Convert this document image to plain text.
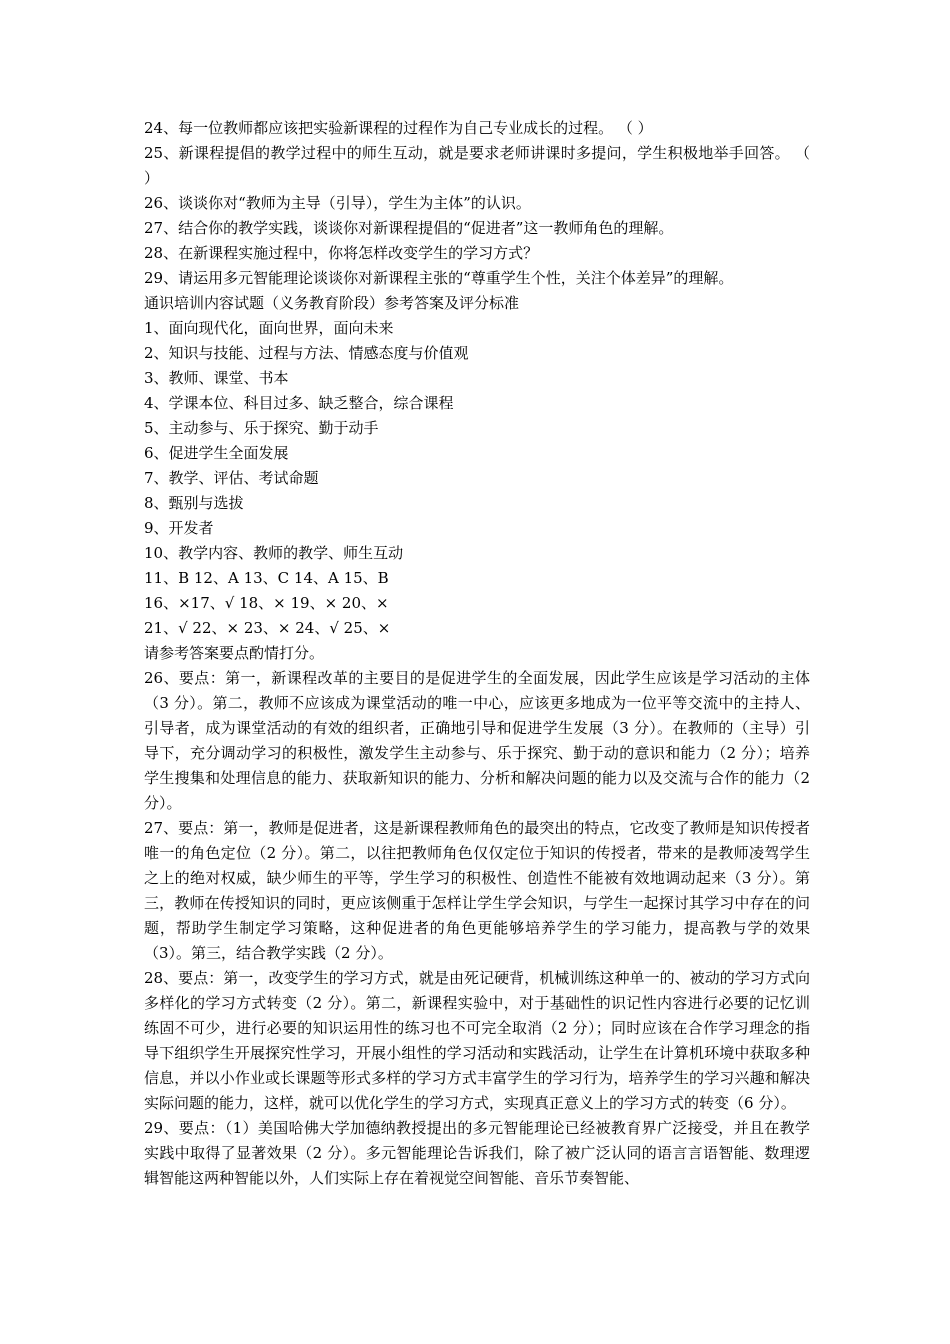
24、每一位教师都应该把实验新课程的过程作为自己专业成长的过程。 （ ）

25、新课程提倡的教学过程中的师生互动，就是要求老师讲课时多提问，学生积极地举手回答。 （ ）

26、谈谈你对“教师为主导（引导），学生为主体”的认识。
27、结合你的教学实践，谈谈你对新课程提倡的“促进者”这一教师角色的理解。
28、在新课程实施过程中，你将怎样改变学生的学习方式？
29、请运用多元智能理论谈谈你对新课程主张的“尊重学生个性，关注个体差异”的理解。
通识培训内容试题（义务教育阶段）参考答案及评分标准
1、面向现代化，面向世界，面向未来
2、知识与技能、过程与方法、情感态度与价值观
3、教师、课堂、书本
4、学课本位、科目过多、缺乏整合，综合课程
5、主动参与、乐于探究、勤于动手
6、促进学生全面发展
7、教学、评估、考试命题
8、甄别与选拔
9、开发者
10、教学内容、教师的教学、师生互动
11、B 12、A 13、C 14、A 15、B
16、×17、√ 18、× 19、× 20、×
21、√ 22、× 23、× 24、√ 25、×
请参考答案要点酌情打分。

26、要点：第一，新课程改革的主要目的是促进学生的全面发展，因此学生应该是学习活动的主体（3 分）。第二，教师不应该成为课堂活动的唯一中心，应该更多地成为一位平等交流中的主持人、引导者，成为课堂活动的有效的组织者，正确地引导和促进学生发展（3 分）。在教师的（主导）引导下，充分调动学习的积极性，激发学生主动参与、乐于探究、勤于动的意识和能力（2 分）；培养学生搜集和处理信息的能力、获取新知识的能力、分析和解决问题的能力以及交流与合作的能力（2 分）。

27、要点：第一，教师是促进者，这是新课程教师角色的最突出的特点，它改变了教师是知识传授者唯一的角色定位（2 分）。第二，以往把教师角色仅仅定位于知识的传授者，带来的是教师凌驾学生之上的绝对权威，缺少师生的平等，学生学习的积极性、创造性不能被有效地调动起来（3 分）。第三，教师在传授知识的同时，更应该侧重于怎样让学生学会知识，与学生一起探讨其学习中存在的问题，帮助学生制定学习策略，这种促进者的角色更能够培养学生的学习能力，提高教与学的效果（3）。第三，结合教学实践（2 分）。

28、要点：第一，改变学生的学习方式，就是由死记硬背，机械训练这种单一的、被动的学习方式向多样化的学习方式转变（2 分）。第二，新课程实验中，对于基础性的识记性内容进行必要的记忆训练固不可少，进行必要的知识运用性的练习也不可完全取消（2 分）；同时应该在合作学习理念的指导下组织学生开展探究性学习，开展小组性的学习活动和实践活动，让学生在计算机环境中获取多种信息，并以小作业或长课题等形式多样的学习方式丰富学生的学习行为，培养学生的学习兴趣和解决实际问题的能力，这样，就可以优化学生的学习方式，实现真正意义上的学习方式的转变（6 分）。

29、要点：（1）美国哈佛大学加德纳教授提出的多元智能理论已经被教育界广泛接受，并且在教学实践中取得了显著效果（2 分）。多元智能理论告诉我们，除了被广泛认同的语言言语智能、数理逻辑智能这两种智能以外，人们实际上存在着视觉空间智能、音乐节奏智能、
